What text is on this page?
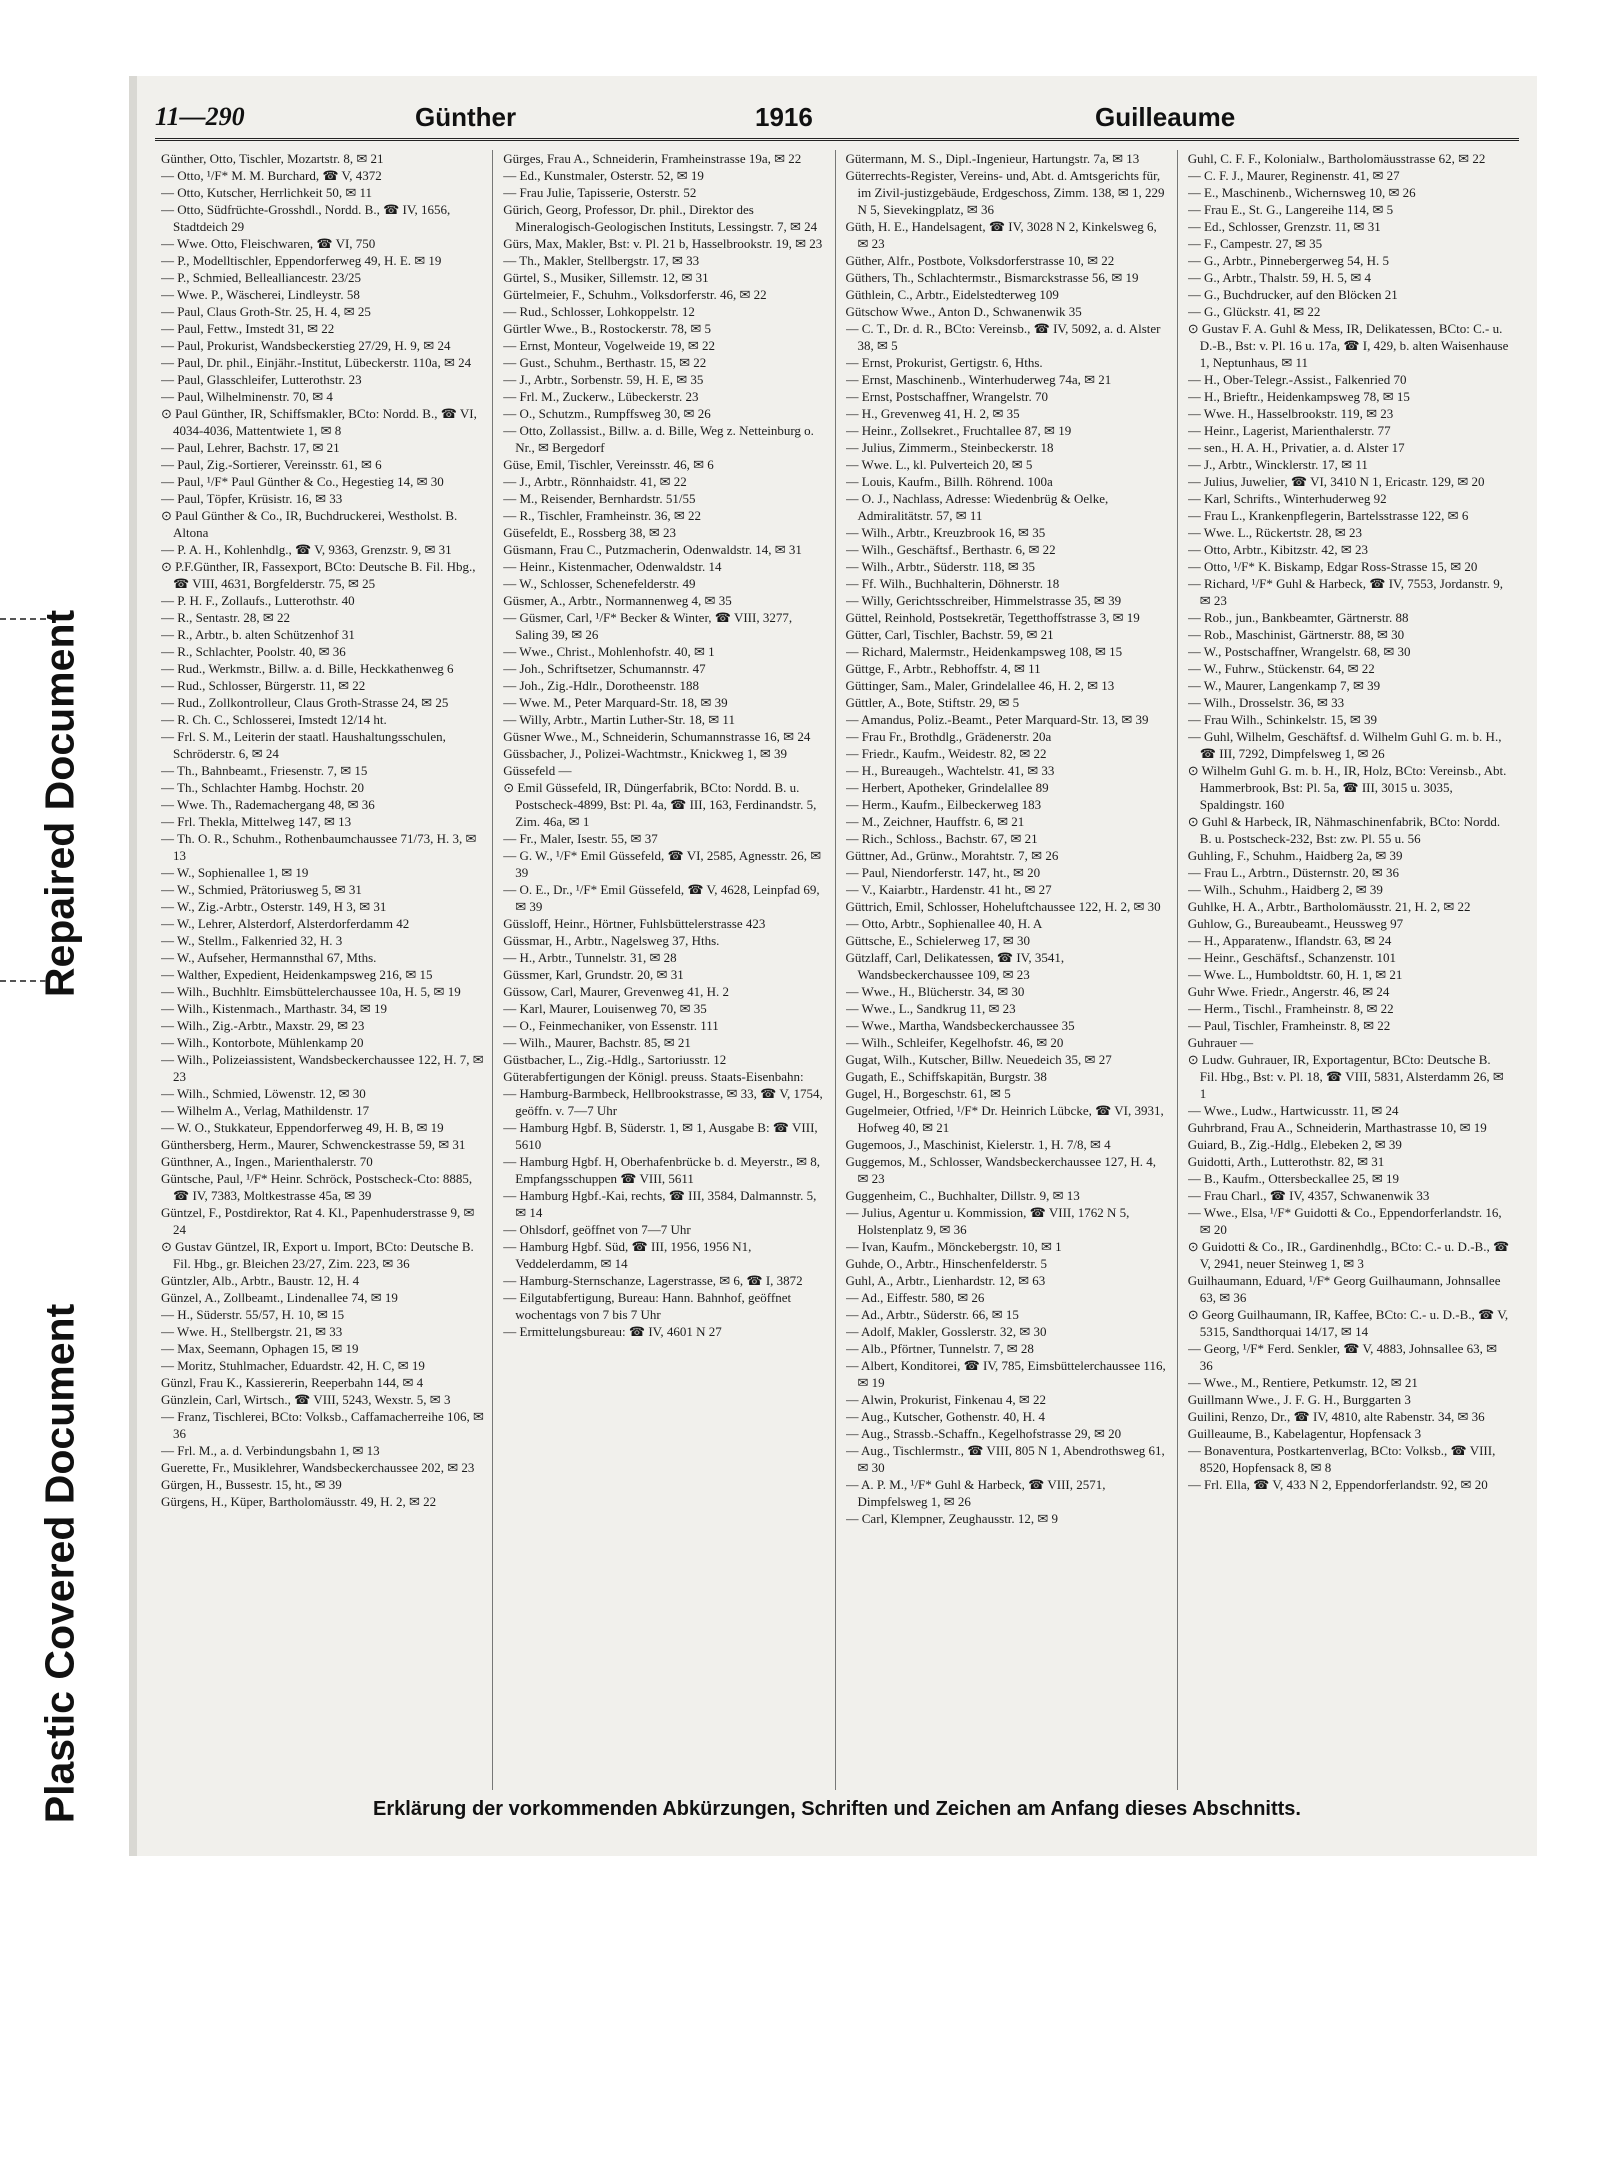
Repaired Document
Plastic Covered Document
11—290	Günther	1916	Guilleaume

Günther, Otto, Tischler, Mozartstr. 8, ✉ 21

— Otto, ¹/F* M. M. Burchard, ☎ V, 4372

— Otto, Kutscher, Herrlichkeit 50, ✉ 11

— Otto, Südfrüchte-Grosshdl., Nordd. B., ☎ IV, 1656, Stadtdeich 29

— Wwe. Otto, Fleischwaren, ☎ VI, 750

— P., Modelltischler, Eppendorferweg 49, H. E. ✉ 19

— P., Schmied, Bellealliancestr. 23/25

— Wwe. P., Wäscherei, Lindleystr. 58

— Paul, Claus Groth-Str. 25, H. 4, ✉ 25

— Paul, Fettw., Imstedt 31, ✉ 22

— Paul, Prokurist, Wandsbeckerstieg 27/29, H. 9, ✉ 24

— Paul, Dr. phil., Einjähr.-Institut, Lübeckerstr. 110a, ✉ 24

— Paul, Glasschleifer, Lutterothstr. 23

— Paul, Wilhelminenstr. 70, ✉ 4

⊙ Paul Günther, IR, Schiffsmakler, BCto: Nordd. B., ☎ VI, 4034-4036, Mattentwiete 1, ✉ 8

— Paul, Lehrer, Bachstr. 17, ✉ 21

— Paul, Zig.-Sortierer, Vereinsstr. 61, ✉ 6

— Paul, ¹/F* Paul Günther & Co., Hegestieg 14, ✉ 30

— Paul, Töpfer, Krüsistr. 16, ✉ 33

⊙ Paul Günther & Co., IR, Buchdruckerei, Westholst. B. Altona

— P. A. H., Kohlenhdlg., ☎ V, 9363, Grenzstr. 9, ✉ 31

⊙ P.F.Günther, IR, Fassexport, BCto: Deutsche B. Fil. Hbg., ☎ VIII, 4631, Borgfelderstr. 75, ✉ 25

— P. H. F., Zollaufs., Lutterothstr. 40

— R., Sentastr. 28, ✉ 22

— R., Arbtr., b. alten Schützenhof 31

— R., Schlachter, Poolstr. 40, ✉ 36

— Rud., Werkmstr., Billw. a. d. Bille, Heckkathenweg 6

— Rud., Schlosser, Bürgerstr. 11, ✉ 22

— Rud., Zollkontrolleur, Claus Groth-Strasse 24, ✉ 25

— R. Ch. C., Schlosserei, Imstedt 12/14 ht.

— Frl. S. M., Leiterin der staatl. Haushaltungsschulen, Schröderstr. 6, ✉ 24

— Th., Bahnbeamt., Friesenstr. 7, ✉ 15

— Th., Schlachter Hambg. Hochstr. 20

— Wwe. Th., Rademachergang 48, ✉ 36

— Frl. Thekla, Mittelweg 147, ✉ 13

— Th. O. R., Schuhm., Rothenbaumchaussee 71/73, H. 3, ✉ 13

— W., Sophienallee 1, ✉ 19

— W., Schmied, Prätoriusweg 5, ✉ 31

— W., Zig.-Arbtr., Osterstr. 149, H 3, ✉ 31

— W., Lehrer, Alsterdorf, Alsterdorferdamm 42

— W., Stellm., Falkenried 32, H. 3

— W., Aufseher, Hermannsthal 67, Mths.

— Walther, Expedient, Heidenkampsweg 216, ✉ 15

— Wilh., Buchhltr. Eimsbüttelerchaussee 10a, H. 5, ✉ 19

— Wilh., Kistenmach., Marthastr. 34, ✉ 19

— Wilh., Zig.-Arbtr., Maxstr. 29, ✉ 23

— Wilh., Kontorbote, Mühlenkamp 20

— Wilh., Polizeiassistent, Wandsbeckerchaussee 122, H. 7, ✉ 23

— Wilh., Schmied, Löwenstr. 12, ✉ 30

— Wilhelm A., Verlag, Mathildenstr. 17

— W. O., Stukkateur, Eppendorferweg 49, H. B, ✉ 19

Günthersberg, Herm., Maurer, Schwenckestrasse 59, ✉ 31

Günthner, A., Ingen., Marienthalerstr. 70

Güntsche, Paul, ¹/F* Heinr. Schröck, Postscheck-Cto: 8885, ☎ IV, 7383, Moltkestrasse 45a, ✉ 39

Güntzel, F., Postdirektor, Rat 4. Kl., Papenhuderstrasse 9, ✉ 24

⊙ Gustav Güntzel, IR, Export u. Import, BCto: Deutsche B. Fil. Hbg., gr. Bleichen 23/27, Zim. 223, ✉ 36

Güntzler, Alb., Arbtr., Baustr. 12, H. 4

Günzel, A., Zollbeamt., Lindenallee 74, ✉ 19

— H., Süderstr. 55/57, H. 10, ✉ 15

— Wwe. H., Stellbergstr. 21, ✉ 33

— Max, Seemann, Ophagen 15, ✉ 19

— Moritz, Stuhlmacher, Eduardstr. 42, H. C, ✉ 19

Günzl, Frau K., Kassiererin, Reeperbahn 144, ✉ 4

Günzlein, Carl, Wirtsch., ☎ VIII, 5243, Wexstr. 5, ✉ 3

— Franz, Tischlerei, BCto: Volksb., Caffamacherreihe 106, ✉ 36

— Frl. M., a. d. Verbindungsbahn 1, ✉ 13

Guerette, Fr., Musiklehrer, Wandsbeckerchaussee 202, ✉ 23

Gürgen, H., Bussestr. 15, ht., ✉ 39

Gürgens, H., Küper, Bartholomäusstr. 49, H. 2, ✉ 22

Gürges, Frau A., Schneiderin, Framheinstrasse 19a, ✉ 22

— Ed., Kunstmaler, Osterstr. 52, ✉ 19

— Frau Julie, Tapisserie, Osterstr. 52

Gürich, Georg, Professor, Dr. phil., Direktor des Mineralogisch-Geologischen Instituts, Lessingstr. 7, ✉ 24

Gürs, Max, Makler, Bst: v. Pl. 21 b, Hasselbrookstr. 19, ✉ 23

— Th., Makler, Stellbergstr. 17, ✉ 33

Gürtel, S., Musiker, Sillemstr. 12, ✉ 31

Gürtelmeier, F., Schuhm., Volksdorferstr. 46, ✉ 22

— Rud., Schlosser, Lohkoppelstr. 12

Gürtler Wwe., B., Rostockerstr. 78, ✉ 5

— Ernst, Monteur, Vogelweide 19, ✉ 22

— Gust., Schuhm., Berthastr. 15, ✉ 22

— J., Arbtr., Sorbenstr. 59, H. E, ✉ 35

— Frl. M., Zuckerw., Lübeckerstr. 23

— O., Schutzm., Rumpffsweg 30, ✉ 26

— Otto, Zollassist., Billw. a. d. Bille, Weg z. Netteinburg o. Nr., ✉ Bergedorf

Güse, Emil, Tischler, Vereinsstr. 46, ✉ 6

— J., Arbtr., Rönnhaidstr. 41, ✉ 22

— M., Reisender, Bernhardstr. 51/55

— R., Tischler, Framheinstr. 36, ✉ 22

Güsefeldt, E., Rossberg 38, ✉ 23

Güsmann, Frau C., Putzmacherin, Odenwaldstr. 14, ✉ 31

— Heinr., Kistenmacher, Odenwaldstr. 14

— W., Schlosser, Schenefelderstr. 49

Güsmer, A., Arbtr., Normannenweg 4, ✉ 35

— Güsmer, Carl, ¹/F* Becker & Winter, ☎ VIII, 3277, Saling 39, ✉ 26

— Wwe., Christ., Mohlenhofstr. 40, ✉ 1

— Joh., Schriftsetzer, Schumannstr. 47

— Joh., Zig.-Hdlr., Dorotheenstr. 188

— Wwe. M., Peter Marquard-Str. 18, ✉ 39

— Willy, Arbtr., Martin Luther-Str. 18, ✉ 11

Güsner Wwe., M., Schneiderin, Schumannstrasse 16, ✉ 24

Güssbacher, J., Polizei-Wachtmstr., Knickweg 1, ✉ 39

Güssefeld —

⊙ Emil Güssefeld, IR, Düngerfabrik, BCto: Nordd. B. u. Postscheck-4899, Bst: Pl. 4a, ☎ III, 163, Ferdinandstr. 5, Zim. 46a, ✉ 1

— Fr., Maler, Isestr. 55, ✉ 37

— G. W., ¹/F* Emil Güssefeld, ☎ VI, 2585, Agnesstr. 26, ✉ 39

— O. E., Dr., ¹/F* Emil Güssefeld, ☎ V, 4628, Leinpfad 69, ✉ 39

Güssloff, Heinr., Hörtner, Fuhlsbüttelerstrasse 423

Güssmar, H., Arbtr., Nagelsweg 37, Hths.

— H., Arbtr., Tunnelstr. 31, ✉ 28

Güssmer, Karl, Grundstr. 20, ✉ 31

Güssow, Carl, Maurer, Grevenweg 41, H. 2

— Karl, Maurer, Louisenweg 70, ✉ 35

— O., Feinmechaniker, von Essenstr. 111

— Wilh., Maurer, Bachstr. 85, ✉ 21

Güstbacher, L., Zig.-Hdlg., Sartoriusstr. 12

Güterabfertigungen der Königl. preuss. Staats-Eisenbahn:

— Hamburg-Barmbeck, Hellbrookstrasse, ✉ 33, ☎ V, 1754, geöffn. v. 7—7 Uhr

— Hamburg Hgbf. B, Süderstr. 1, ✉ 1, Ausgabe B: ☎ VIII, 5610

— Hamburg Hgbf. H, Oberhafenbrücke b. d. Meyerstr., ✉ 8, Empfangsschuppen ☎ VIII, 5611

— Hamburg Hgbf.-Kai, rechts, ☎ III, 3584, Dalmannstr. 5, ✉ 14

— Ohlsdorf, geöffnet von 7—7 Uhr

— Hamburg Hgbf. Süd, ☎ III, 1956, 1956 N1, Veddelerdamm, ✉ 14

— Hamburg-Sternschanze, Lagerstrasse, ✉ 6, ☎ I, 3872

— Eilgutabfertigung, Bureau: Hann. Bahnhof, geöffnet wochentags von 7 bis 7 Uhr

— Ermittelungsbureau: ☎ IV, 4601 N 27

Gütermann, M. S., Dipl.-Ingenieur, Hartungstr. 7a, ✉ 13

Güterrechts-Register, Vereins- und, Abt. d. Amtsgerichts für, im Zivil-justizgebäude, Erdgeschoss, Zimm. 138, ✉ 1, 229 N 5, Sievekingplatz, ✉ 36

Güth, H. E., Handelsagent, ☎ IV, 3028 N 2, Kinkelsweg 6, ✉ 23

Güther, Alfr., Postbote, Volksdorferstrasse 10, ✉ 22

Güthers, Th., Schlachtermstr., Bismarckstrasse 56, ✉ 19

Güthlein, C., Arbtr., Eidelstedterweg 109

Gütschow Wwe., Anton D., Schwanenwik 35

— C. T., Dr. d. R., BCto: Vereinsb., ☎ IV, 5092, a. d. Alster 38, ✉ 5

— Ernst, Prokurist, Gertigstr. 6, Hths.

— Ernst, Maschinenb., Winterhuderweg 74a, ✉ 21

— Ernst, Postschaffner, Wrangelstr. 70

— H., Grevenweg 41, H. 2, ✉ 35

— Heinr., Zollsekret., Fruchtallee 87, ✉ 19

— Julius, Zimmerm., Steinbeckerstr. 18

— Wwe. L., kl. Pulverteich 20, ✉ 5

— Louis, Kaufm., Billh. Röhrend. 100a

— O. J., Nachlass, Adresse: Wiedenbrüg & Oelke, Admiralitätstr. 57, ✉ 11

— Wilh., Arbtr., Kreuzbrook 16, ✉ 35

— Wilh., Geschäftsf., Berthastr. 6, ✉ 22

— Wilh., Arbtr., Süderstr. 118, ✉ 35

— Ff. Wilh., Buchhalterin, Döhnerstr. 18

— Willy, Gerichtsschreiber, Himmelstrasse 35, ✉ 39

Güttel, Reinhold, Postsekretär, Tegetthoffstrasse 3, ✉ 19

Gütter, Carl, Tischler, Bachstr. 59, ✉ 21

— Richard, Malermstr., Heidenkampsweg 108, ✉ 15

Güttge, F., Arbtr., Rebhoffstr. 4, ✉ 11

Güttinger, Sam., Maler, Grindelallee 46, H. 2, ✉ 13

Güttler, A., Bote, Stiftstr. 29, ✉ 5

— Amandus, Poliz.-Beamt., Peter Marquard-Str. 13, ✉ 39

— Frau Fr., Brothdlg., Grädenerstr. 20a

— Friedr., Kaufm., Weidestr. 82, ✉ 22

— H., Bureaugeh., Wachtelstr. 41, ✉ 33

— Herbert, Apotheker, Grindelallee 89

— Herm., Kaufm., Eilbeckerweg 183

— M., Zeichner, Hauffstr. 6, ✉ 21

— Rich., Schloss., Bachstr. 67, ✉ 21

Güttner, Ad., Grünw., Morahtstr. 7, ✉ 26

— Paul, Niendorferstr. 147, ht., ✉ 20

— V., Kaiarbtr., Hardenstr. 41 ht., ✉ 27

Güttrich, Emil, Schlosser, Hoheluftchaussee 122, H. 2, ✉ 30

— Otto, Arbtr., Sophienallee 40, H. A

Güttsche, E., Schielerweg 17, ✉ 30

Gützlaff, Carl, Delikatessen, ☎ IV, 3541, Wandsbeckerchaussee 109, ✉ 23

— Wwe., H., Blücherstr. 34, ✉ 30

— Wwe., L., Sandkrug 11, ✉ 23

— Wwe., Martha, Wandsbeckerchaussee 35

— Wilh., Schleifer, Kegelhofstr. 46, ✉ 20

Gugat, Wilh., Kutscher, Billw. Neuedeich 35, ✉ 27

Gugath, E., Schiffskapitän, Burgstr. 38

Gugel, H., Borgeschstr. 61, ✉ 5

Gugelmeier, Otfried, ¹/F* Dr. Heinrich Lübcke, ☎ VI, 3931, Hofweg 40, ✉ 21

Gugemoos, J., Maschinist, Kielerstr. 1, H. 7/8, ✉ 4

Guggemos, M., Schlosser, Wandsbeckerchaussee 127, H. 4, ✉ 23

Guggenheim, C., Buchhalter, Dillstr. 9, ✉ 13

— Julius, Agentur u. Kommission, ☎ VIII, 1762 N 5, Holstenplatz 9, ✉ 36

— Ivan, Kaufm., Mönckebergstr. 10, ✉ 1

Guhde, O., Arbtr., Hinschenfelderstr. 5

Guhl, A., Arbtr., Lienhardstr. 12, ✉ 63

— Ad., Eiffestr. 580, ✉ 26

— Ad., Arbtr., Süderstr. 66, ✉ 15

— Adolf, Makler, Gosslerstr. 32, ✉ 30

— Alb., Pförtner, Tunnelstr. 7, ✉ 28

— Albert, Konditorei, ☎ IV, 785, Eimsbüttelerchaussee 116, ✉ 19

— Alwin, Prokurist, Finkenau 4, ✉ 22

— Aug., Kutscher, Gothenstr. 40, H. 4

— Aug., Strassb.-Schaffn., Kegelhofstrasse 29, ✉ 20

— Aug., Tischlermstr., ☎ VIII, 805 N 1, Abendrothsweg 61, ✉ 30

— A. P. M., ¹/F* Guhl & Harbeck, ☎ VIII, 2571, Dimpfelsweg 1, ✉ 26

— Carl, Klempner, Zeughausstr. 12, ✉ 9

Guhl, C. F. F., Kolonialw., Bartholomäusstrasse 62, ✉ 22

— C. F. J., Maurer, Reginenstr. 41, ✉ 27

— E., Maschinenb., Wichernsweg 10, ✉ 26

— Frau E., St. G., Langereihe 114, ✉ 5

— Ed., Schlosser, Grenzstr. 11, ✉ 31

— F., Campestr. 27, ✉ 35

— G., Arbtr., Pinnebergerweg 54, H. 5

— G., Arbtr., Thalstr. 59, H. 5, ✉ 4

— G., Buchdrucker, auf den Blöcken 21

— G., Glückstr. 41, ✉ 22

⊙ Gustav F. A. Guhl & Mess, IR, Delikatessen, BCto: C.- u. D.-B., Bst: v. Pl. 16 u. 17a, ☎ I, 429, b. alten Waisenhause 1, Neptunhaus, ✉ 11

— H., Ober-Telegr.-Assist., Falkenried 70

— H., Brieftr., Heidenkampsweg 78, ✉ 15

— Wwe. H., Hasselbrookstr. 119, ✉ 23

— Heinr., Lagerist, Marienthalerstr. 77

— sen., H. A. H., Privatier, a. d. Alster 17

— J., Arbtr., Wincklerstr. 17, ✉ 11

— Julius, Juwelier, ☎ VI, 3410 N 1, Ericastr. 129, ✉ 20

— Karl, Schrifts., Winterhuderweg 92

— Frau L., Krankenpflegerin, Bartelsstrasse 122, ✉ 6

— Wwe. L., Rückertstr. 28, ✉ 23

— Otto, Arbtr., Kibitzstr. 42, ✉ 23

— Otto, ¹/F* K. Biskamp, Edgar Ross-Strasse 15, ✉ 20

— Richard, ¹/F* Guhl & Harbeck, ☎ IV, 7553, Jordanstr. 9, ✉ 23

— Rob., jun., Bankbeamter, Gärtnerstr. 88

— Rob., Maschinist, Gärtnerstr. 88, ✉ 30

— W., Postschaffner, Wrangelstr. 68, ✉ 30

— W., Fuhrw., Stückenstr. 64, ✉ 22

— W., Maurer, Langenkamp 7, ✉ 39

— Wilh., Drosselstr. 36, ✉ 33

— Frau Wilh., Schinkelstr. 15, ✉ 39

— Guhl, Wilhelm, Geschäftsf. d. Wilhelm Guhl G. m. b. H., ☎ III, 7292, Dimpfelsweg 1, ✉ 26

⊙ Wilhelm Guhl G. m. b. H., IR, Holz, BCto: Vereinsb., Abt. Hammerbrook, Bst: Pl. 5a, ☎ III, 3015 u. 3035, Spaldingstr. 160

⊙ Guhl & Harbeck, IR, Nähmaschinenfabrik, BCto: Nordd. B. u. Postscheck-232, Bst: zw. Pl. 55 u. 56

Guhling, F., Schuhm., Haidberg 2a, ✉ 39

— Frau L., Arbtrn., Düsternstr. 20, ✉ 36

— Wilh., Schuhm., Haidberg 2, ✉ 39

Guhlke, H. A., Arbtr., Bartholomäusstr. 21, H. 2, ✉ 22

Guhlow, G., Bureaubeamt., Heussweg 97

— H., Apparatenw., Iflandstr. 63, ✉ 24

— Heinr., Geschäftsf., Schanzenstr. 101

— Wwe. L., Humboldtstr. 60, H. 1, ✉ 21

Guhr Wwe. Friedr., Angerstr. 46, ✉ 24

— Herm., Tischl., Framheinstr. 8, ✉ 22

— Paul, Tischler, Framheinstr. 8, ✉ 22

Guhrauer —

⊙ Ludw. Guhrauer, IR, Exportagentur, BCto: Deutsche B. Fil. Hbg., Bst: v. Pl. 18, ☎ VIII, 5831, Alsterdamm 26, ✉ 1

— Wwe., Ludw., Hartwicusstr. 11, ✉ 24

Guhrbrand, Frau A., Schneiderin, Marthastrasse 10, ✉ 19

Guiard, B., Zig.-Hdlg., Elebeken 2, ✉ 39

Guidotti, Arth., Lutterothstr. 82, ✉ 31

— B., Kaufm., Ottersbeckallee 25, ✉ 19

— Frau Charl., ☎ IV, 4357, Schwanenwik 33

— Wwe., Elsa, ¹/F* Guidotti & Co., Eppendorferlandstr. 16, ✉ 20

⊙ Guidotti & Co., IR., Gardinenhdlg., BCto: C.- u. D.-B., ☎ V, 2941, neuer Steinweg 1, ✉ 3

Guilhaumann, Eduard, ¹/F* Georg Guilhaumann, Johnsallee 63, ✉ 36

⊙ Georg Guilhaumann, IR, Kaffee, BCto: C.- u. D.-B., ☎ V, 5315, Sandthorquai 14/17, ✉ 14

— Georg, ¹/F* Ferd. Senkler, ☎ V, 4883, Johnsallee 63, ✉ 36

— Wwe., M., Rentiere, Petkumstr. 12, ✉ 21

Guillmann Wwe., J. F. G. H., Burggarten 3

Guilini, Renzo, Dr., ☎ IV, 4810, alte Rabenstr. 34, ✉ 36

Guilleaume, B., Kabelagentur, Hopfensack 3

— Bonaventura, Postkartenverlag, BCto: Volksb., ☎ VIII, 8520, Hopfensack 8, ✉ 8

— Frl. Ella, ☎ V, 433 N 2, Eppendorferlandstr. 92, ✉ 20

Erklärung der vorkommenden Abkürzungen, Schriften und Zeichen am Anfang dieses Abschnitts.
